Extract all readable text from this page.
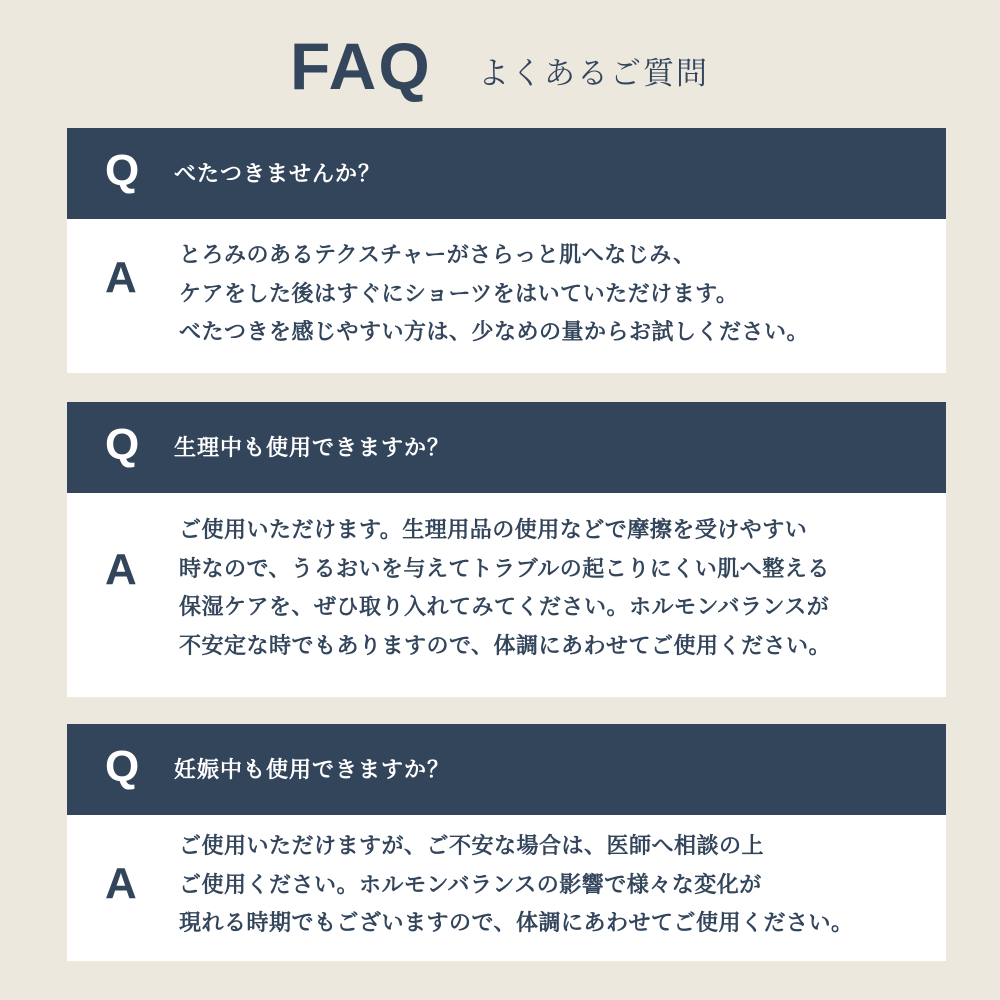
FAQ よくあるご質問
Q べたつきませんか？
A とろみのあるテクスチャーがさらっと肌へなじみ、
ケアをした後はすぐにショーツをはいていただけます。
べたつきを感じやすい方は、少なめの量からお試しください。
Q 生理中も使用できますか？
A
ご使用いただけます。生理用品の使用などで摩擦を受けやすい
時なので、うるおいを与えてトラブルの起こりにくい肌へ整える
保湿ケアを、ぜひ取り入れてみてください。ホルモンバランスが
不安定な時でもありますので、体調にあわせてご使用ください。
Q 妊娠中も使用できますか？
A
ご使用いただけますが、ご不安な場合は、医師へ相談の上
ご使用ください。ホルモンバランスの影響で様々な変化が
現れる時期でもございますので、体調にあわせてご使用ください。
